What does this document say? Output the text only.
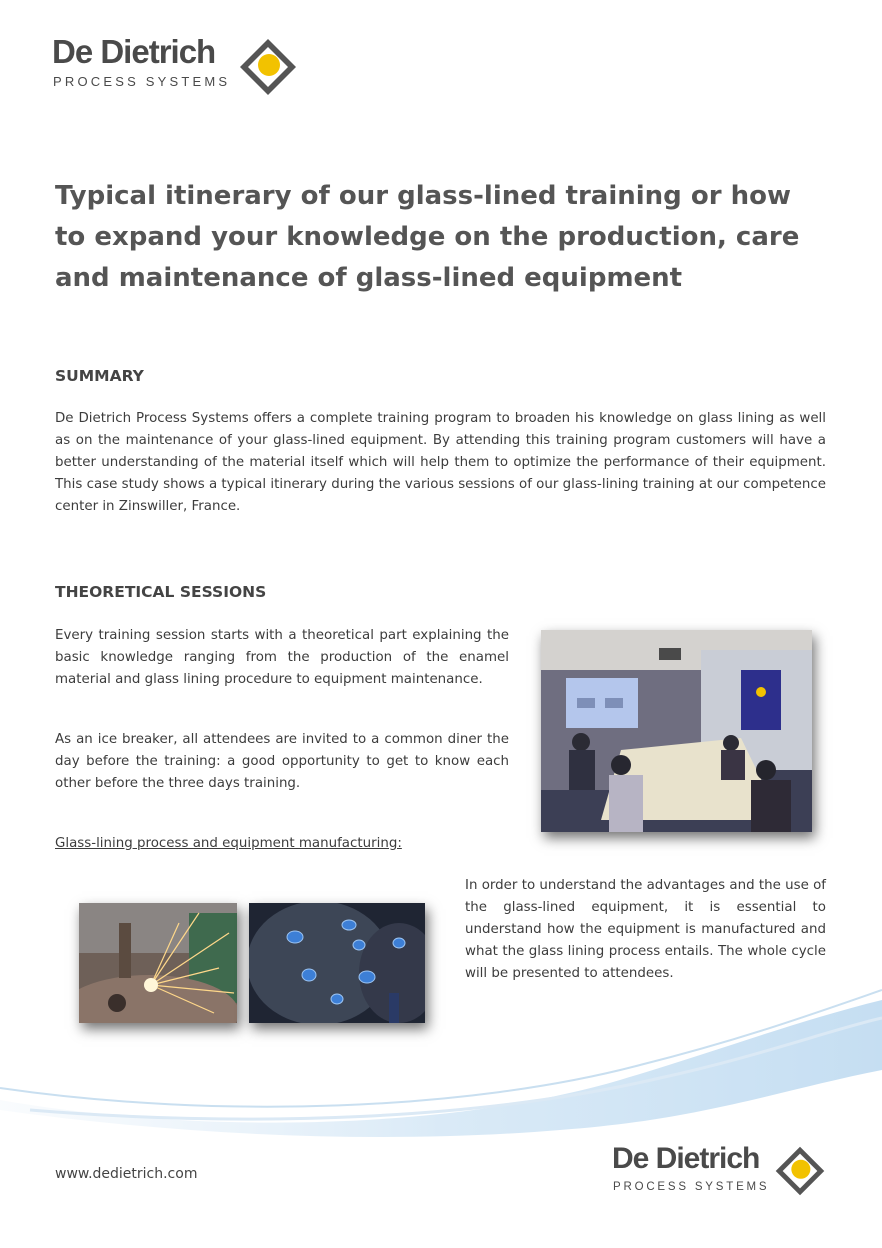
De Dietrich
PROCESS SYSTEMS
Typical itinerary of our glass-lined training or how to expand your knowledge on the production, care and maintenance of glass-lined equipment
SUMMARY
De Dietrich Process Systems offers a complete training program to broaden his knowledge on glass lining as well as on the maintenance of your glass-lined equipment. By attending this training program customers will have a better understanding of the material itself which will help them to optimize the performance of their equipment. This case study shows a typical itinerary during the various sessions of our glass-lining training at our competence center in Zinswiller, France.
THEORETICAL SESSIONS
Every training session starts with a theoretical part explaining the basic knowledge ranging from the production of the enamel material and glass lining procedure to equipment maintenance.
As an ice breaker, all attendees are invited to a common diner the day before the training: a good opportunity to get to know each other before the three days training.
Glass-lining process and equipment manufacturing:
In order to understand the advantages and the use of the glass-lined equipment, it is essential to understand how the equipment is manufactured and what the glass lining process entails. The whole cycle will be presented to attendees.
www.dedietrich.com	De Dietrich
PROCESS SYSTEMS
